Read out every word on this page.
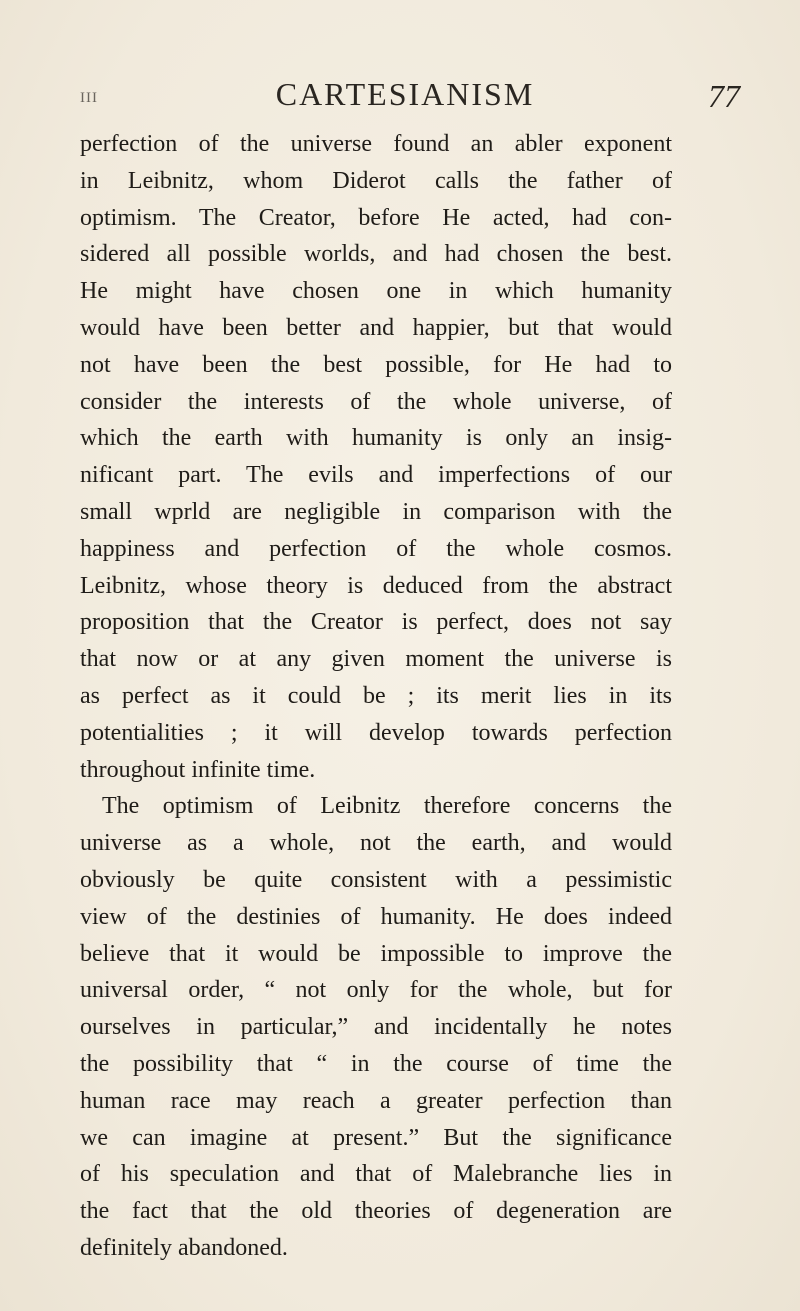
III	CARTESIANISM	77
perfection of the universe found an abler exponent
in Leibnitz, whom Diderot calls the father of
optimism. The Creator, before He acted, had con-
sidered all possible worlds, and had chosen the best.
He might have chosen one in which humanity
would have been better and happier, but that would
not have been the best possible, for He had to
consider the interests of the whole universe, of
which the earth with humanity is only an insig-
nificant part. The evils and imperfections of our
small wprld are negligible in comparison with the
happiness and perfection of the whole cosmos.
Leibnitz, whose theory is deduced from the abstract
proposition that the Creator is perfect, does not say
that now or at any given moment the universe is
as perfect as it could be ; its merit lies in its
potentialities ; it will develop towards perfection
throughout infinite time.
The optimism of Leibnitz therefore concerns the
universe as a whole, not the earth, and would
obviously be quite consistent with a pessimistic
view of the destinies of humanity. He does indeed
believe that it would be impossible to improve the
universal order, “ not only for the whole, but for
ourselves in particular,” and incidentally he notes
the possibility that “ in the course of time the
human race may reach a greater perfection than
we can imagine at present.” But the significance
of his speculation and that of Malebranche lies in
the fact that the old theories of degeneration are
definitely abandoned.
